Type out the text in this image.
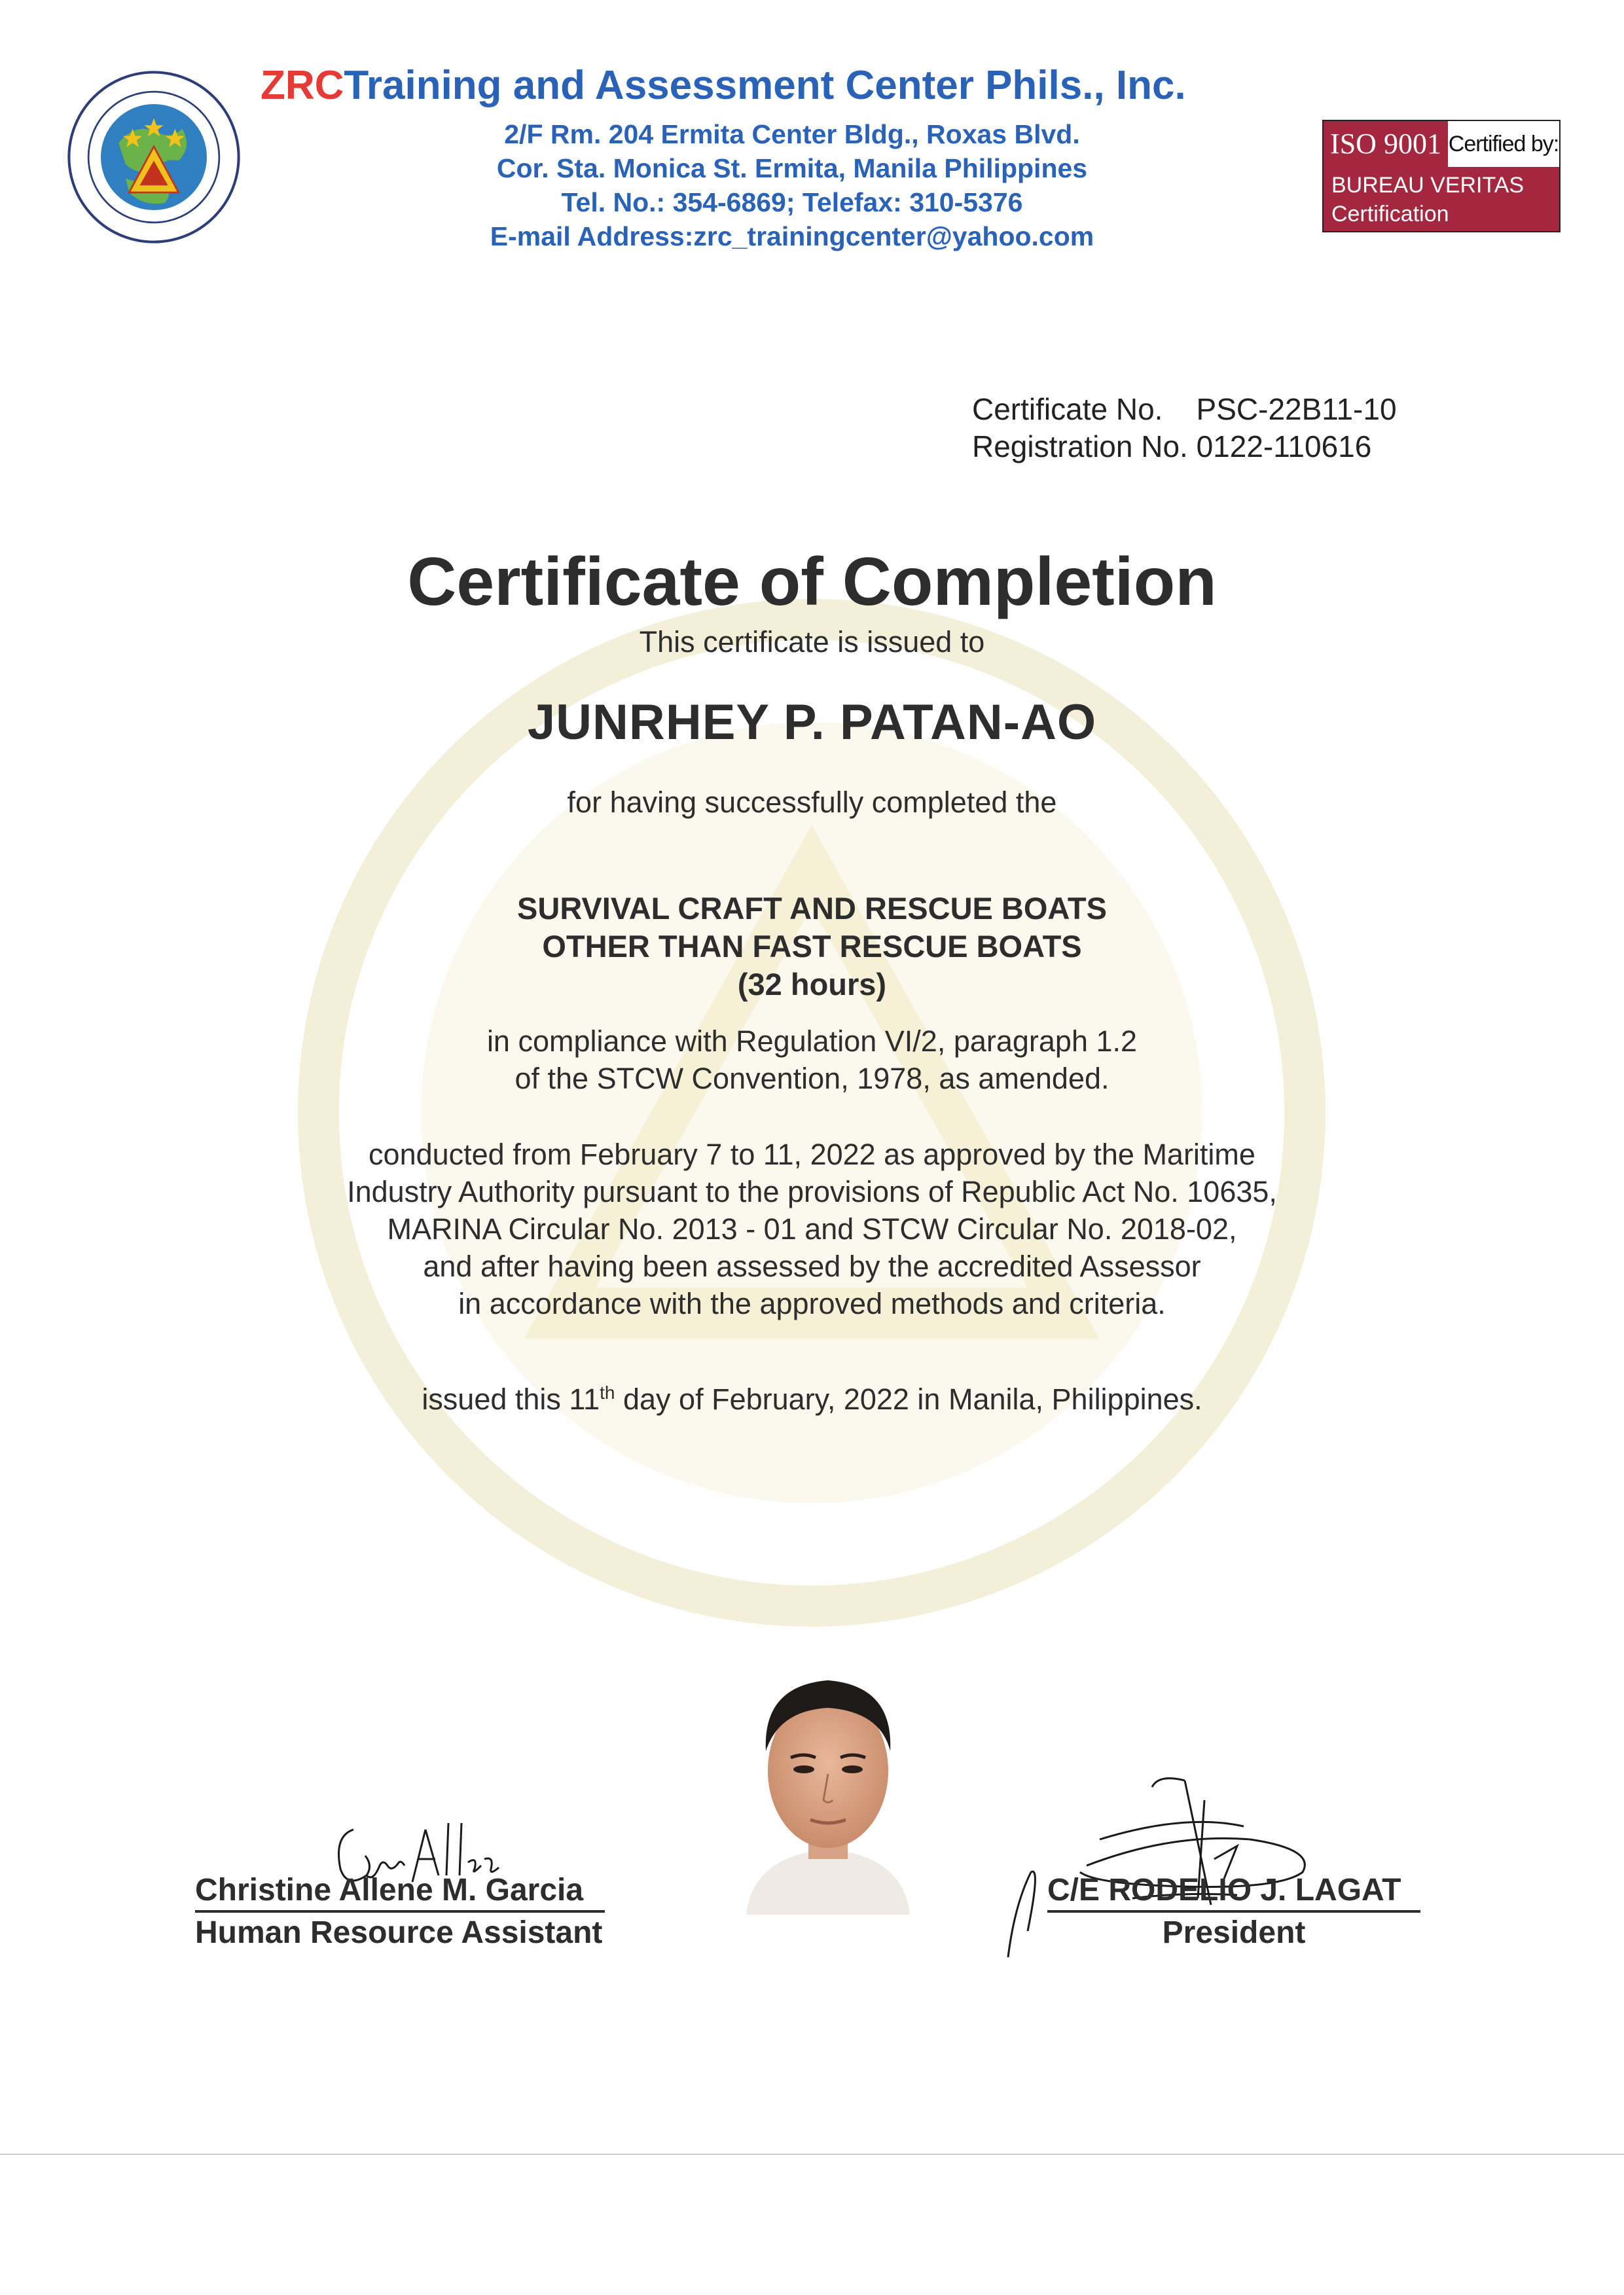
ZRCTraining and Assessment Center Phils., Inc.
2/F Rm. 204 Ermita Center Bldg., Roxas Blvd.
Cor. Sta. Monica St. Ermita, Manila Philippines
Tel. No.: 354-6869; Telefax: 310-5376
E-mail Address:zrc_trainingcenter@yahoo.com
ISO 9001 Certified by:
BUREAU VERITAS
Certification
Certificate No.    PSC-22B11-10
Registration No. 0122-110616
Certificate of Completion
This certificate is issued to
JUNRHEY P. PATAN-AO
for having successfully completed the
SURVIVAL CRAFT AND RESCUE BOATS
OTHER THAN FAST RESCUE BOATS
(32 hours)
in compliance with Regulation VI/2, paragraph 1.2
of the STCW Convention, 1978, as amended.
conducted from February 7 to 11, 2022 as approved by the Maritime
Industry Authority pursuant to the provisions of Republic Act No. 10635,
MARINA Circular No. 2013 - 01 and STCW Circular No. 2018-02,
and after having been assessed by the accredited Assessor
in accordance with the approved methods and criteria.
issued this 11th day of February, 2022 in Manila, Philippines.
Christine Allene M. Garcia
Human Resource Assistant
C/E RODELIO J. LAGAT
President
